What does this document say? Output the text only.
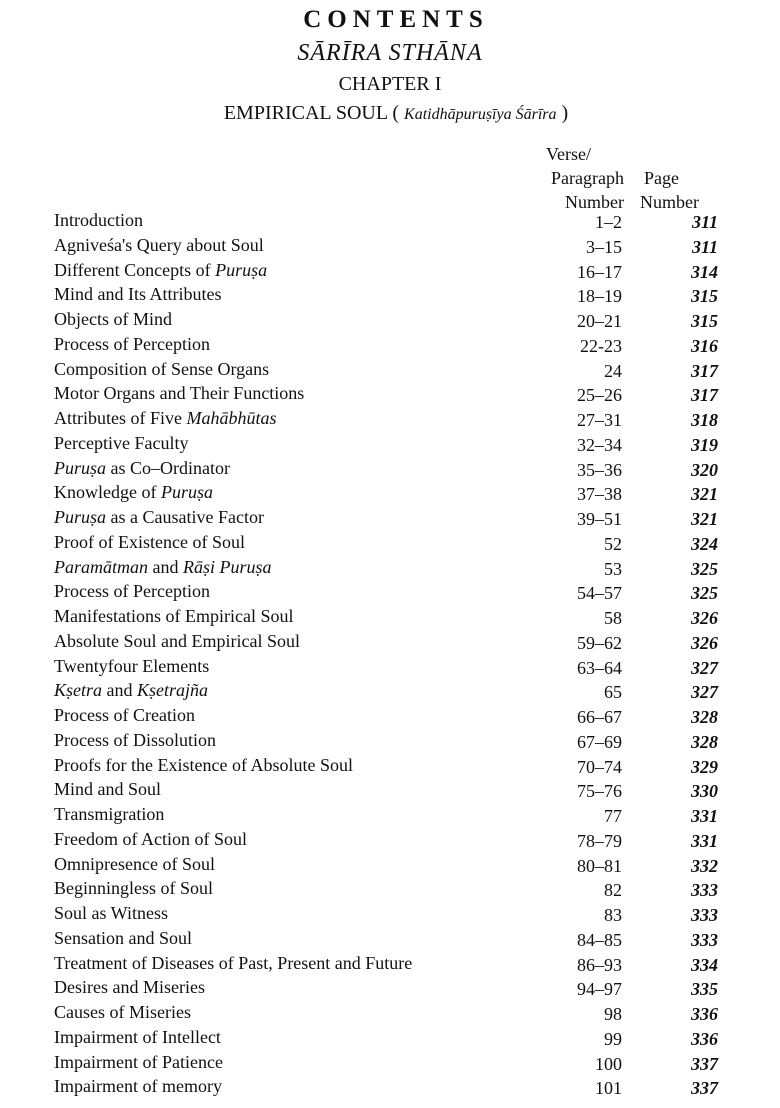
CONTENTS
SĀRĪRA STHĀNA
CHAPTER I
EMPIRICAL SOUL ( Katidhāpuruṣīya Śārīra )
Verse/
Paragraph
Number
Page
Number
Introduction	1–2	311
Agniveśa's Query about Soul	3–15	311
Different Concepts of Puruṣa	16–17	314
Mind and Its Attributes	18–19	315
Objects of Mind	20–21	315
Process of Perception	22-23	316
Composition of Sense Organs	24	317
Motor Organs and Their Functions	25–26	317
Attributes of Five Mahābhūtas	27–31	318
Perceptive Faculty	32–34	319
Puruṣa as Co–Ordinator	35–36	320
Knowledge of Puruṣa	37–38	321
Puruṣa as a Causative Factor	39–51	321
Proof of Existence of Soul	52	324
Paramātman and Rāṣi Puruṣa	53	325
Process of Perception	54–57	325
Manifestations of Empirical Soul	58	326
Absolute Soul and Empirical Soul	59–62	326
Twentyfour Elements	63–64	327
Kṣetra and Kṣetrajña	65	327
Process of Creation	66–67	328
Process of Dissolution	67–69	328
Proofs for the Existence of Absolute Soul	70–74	329
Mind and Soul	75–76	330
Transmigration	77	331
Freedom of Action of Soul	78–79	331
Omnipresence of Soul	80–81	332
Beginningless of Soul	82	333
Soul as Witness	83	333
Sensation and Soul	84–85	333
Treatment of Diseases of Past, Present and Future	86–93	334
Desires and Miseries	94–97	335
Causes of Miseries	98	336
Impairment of Intellect	99	336
Impairment of Patience	100	337
Impairment of memory	101	337
